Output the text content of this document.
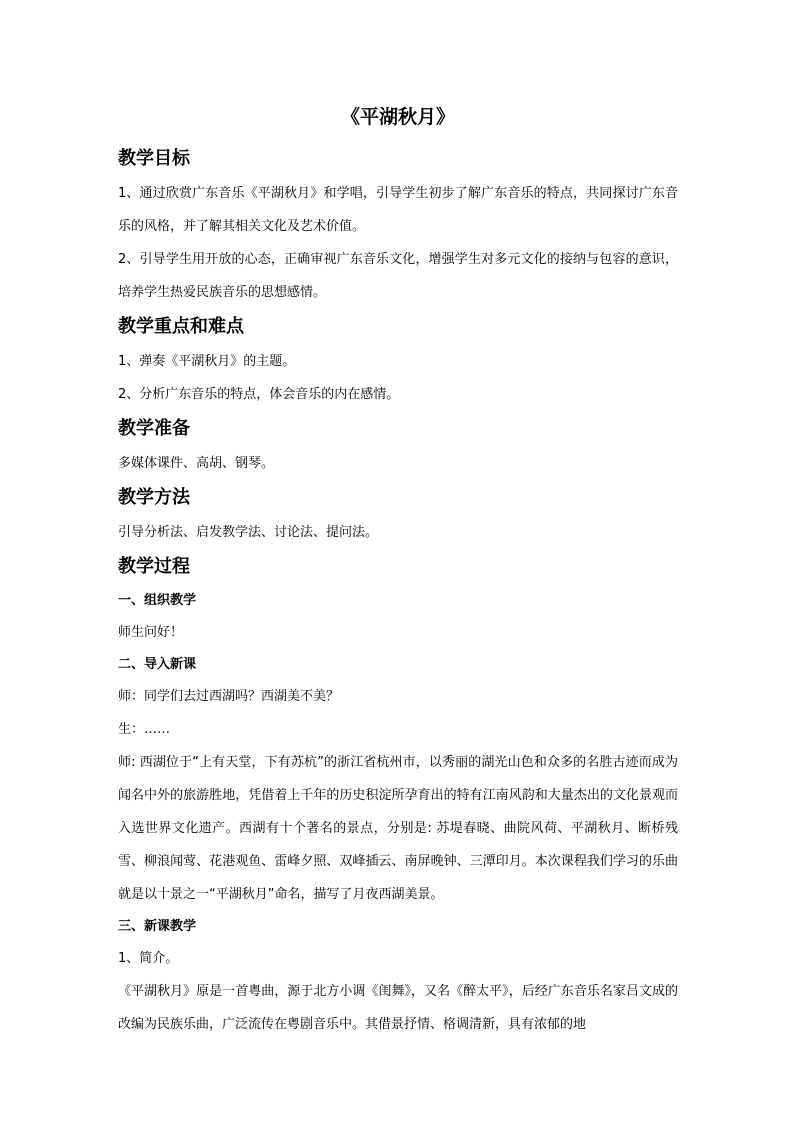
《平湖秋月》
教学目标

1、通过欣赏广东音乐《平湖秋月》和学唱，引导学生初步了解广东音乐的特点，共同探讨广东音乐的风格，并了解其相关文化及艺术价值。

2、引导学生用开放的心态，正确审视广东音乐文化，增强学生对多元文化的接纳与包容的意识，培养学生热爱民族音乐的思想感情。

教学重点和难点

1、弹奏《平湖秋月》的主题。

2、分析广东音乐的特点，体会音乐的内在感情。

教学准备

多媒体课件、高胡、钢琴。

教学方法

引导分析法、启发教学法、讨论法、提问法。

教学过程
一、组织教学

师生问好！

二、导入新课

师：同学们去过西湖吗？西湖美不美？

生：……

师: 西湖位于“上有天堂，下有苏杭”的浙江省杭州市，以秀丽的湖光山色和众多的名胜古迹而成为闻名中外的旅游胜地，凭借着上千年的历史积淀所孕育出的特有江南风韵和大量杰出的文化景观而入选世界文化遗产。西湖有十个著名的景点，分别是: 苏堤春晓、曲院风荷、平湖秋月、断桥残雪、柳浪闻莺、花港观鱼、雷峰夕照、双峰插云、南屏晚钟、三潭印月。本次课程我们学习的乐曲就是以十景之一“平湖秋月”命名，描写了月夜西湖美景。

三、新课教学

1、简介。

《平湖秋月》原是一首粤曲，源于北方小调《闺舞》，又名《醉太平》，后经广东音乐名家吕文成的改编为民族乐曲，广泛流传在粤剧音乐中。其借景抒情、格调清新，具有浓郁的地
